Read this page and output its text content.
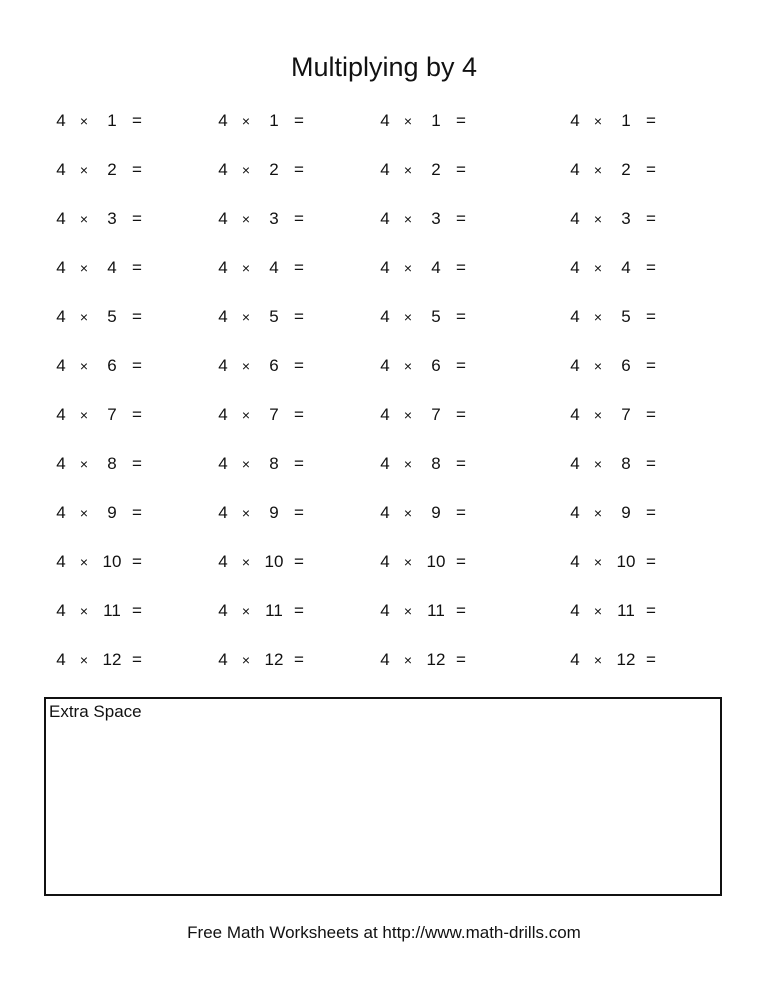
Multiplying by 4
4 ×	1 =	4 ×	1 =	4 ×	1 =	4 ×	1 =
4 ×	2 =	4 ×	2 =	4 ×	2 =	4 ×	2 =
4 ×	3 =	4 ×	3 =	4 ×	3 =	4 ×	3 =
4 ×	4 =	4 ×	4 =	4 ×	4 =	4 ×	4 =
4 ×	5 =	4 ×	5 =	4 ×	5 =	4 ×	5 =
4 ×	6 =	4 ×	6 =	4 ×	6 =	4 ×	6 =
4 ×	7 =	4 ×	7 =	4 ×	7 =	4 ×	7 =
4 ×	8 =	4 ×	8 =	4 ×	8 =	4 ×	8 =
4 ×	9 =	4 ×	9 =	4 ×	9 =	4 ×	9 =
4 × 10 =	4 × 10 =	4 × 10 =	4 × 10 =
4 × 11 =	4 × 11 =	4 × 11 =	4 × 11 =
4 × 12 =	4 × 12 =	4 × 12 =	4 × 12 =
Extra Space
Free Math Worksheets at http://www.math-drills.com
